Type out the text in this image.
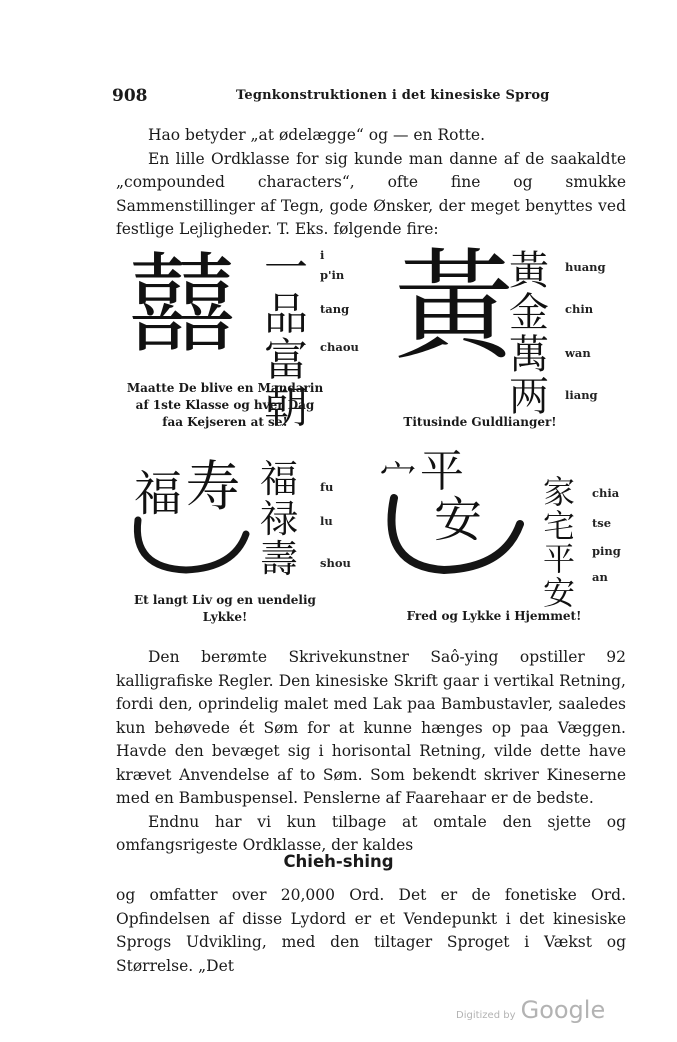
908	Tegnkonstruktionen i det kinesiske Sprog

Hao betyder „at ødelægge“ og — en Rotte.

En lille Ordklasse for sig kunde man danne af de saakaldte „compounded characters“, ofte fine og smukke Sammenstillinger af Tegn, gode Ønsker, der meget benyttes ved festlige Lejligheder. T. Eks. følgende fire:

囍 一
品
富
朝
i
p'in
tang
chaou
Maatte De blive en Mandarin
af 1ste Klasse og hver Dag
faa Kejseren at se!
黃
黃
金
萬
两
huang
chin
wan
liang
Titusinde Guldlianger!
福 寿 福
禄
壽
fu
lu
shou
Et langt Liv og en uendelig
Lykke!
宀 平
安 家
宅
平
安
chia
tse
ping
an
Fred og Lykke i Hjemmet!

Den berømte Skrivekunstner Saô-ying opstiller 92 kalligrafiske Regler. Den kinesiske Skrift gaar i vertikal Retning, fordi den, oprindelig malet med Lak paa Bambustavler, saaledes kun behøvede ét Søm for at kunne hænges op paa Væggen. Havde den bevæget sig i horisontal Retning, vilde dette have krævet Anvendelse af to Søm. Som bekendt skriver Kineserne med en Bambuspensel. Penslerne af Faarehaar er de bedste.

Endnu har vi kun tilbage at omtale den sjette og omfangsrigeste Ordklasse, der kaldes

Chieh-shing

og omfatter over 20,000 Ord. Det er de fonetiske Ord. Opfindelsen af disse Lydord er et Vendepunkt i det kinesiske Sprogs Udvikling, med den tiltager Sproget i Vækst og Størrelse. „Det

Digitized by Google
